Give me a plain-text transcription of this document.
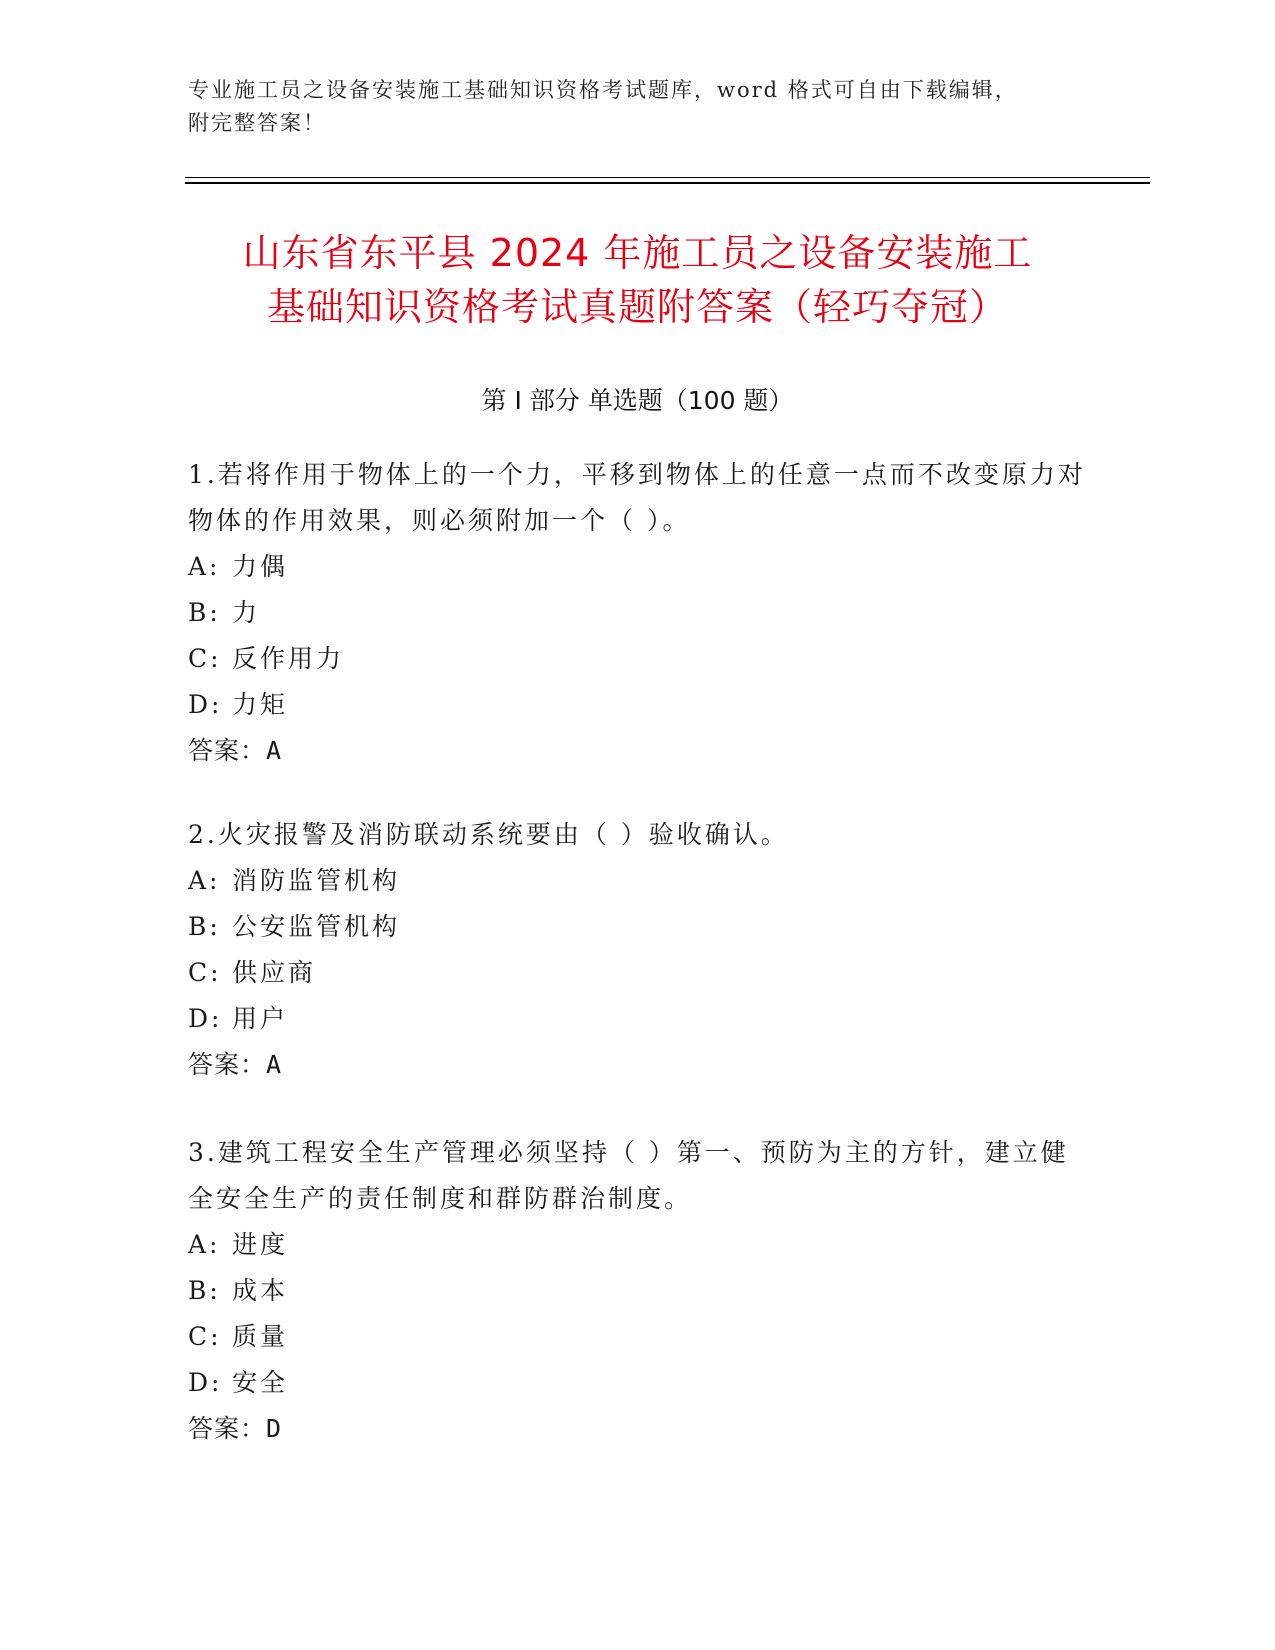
专业施工员之设备安装施工基础知识资格考试题库，word 格式可自由下载编辑，
附完整答案！
山东省东平县 2024 年施工员之设备安装施工
基础知识资格考试真题附答案（轻巧夺冠）
第 I 部分 单选题（100 题）

1.若将作用于物体上的一个力，平移到物体上的任意一点而不改变原力对物体的作用效果，则必须附加一个（ ）。

A: 力偶

B: 力

C: 反作用力

D: 力矩

答案：A

2.火灾报警及消防联动系统要由（ ）验收确认。

A: 消防监管机构

B: 公安监管机构

C: 供应商

D: 用户

答案：A

3.建筑工程安全生产管理必须坚持（ ）第一、预防为主的方针，建立健全安全生产的责任制度和群防群治制度。

A: 进度

B: 成本

C: 质量

D: 安全

答案：D
